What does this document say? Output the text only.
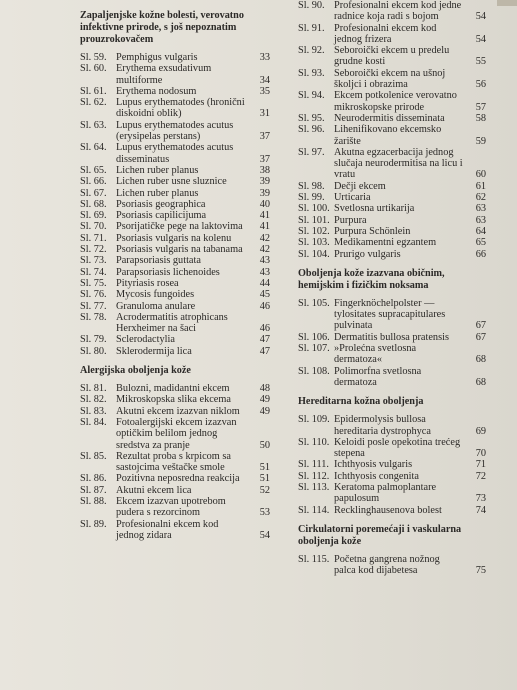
Zapaljenjske kožne bolesti, verovatno infektivne prirode, s još nepoznatim prouzrokovačem
Sl. 59. Pemphigus vulgaris	33
Sl. 60. Erythema exsudativum multiforme	34
Sl. 61. Erythema nodosum	35
Sl. 62. Lupus erythematodes (hronični diskoidni oblik)	31
Sl. 63. Lupus erythematodes acutus (erysipelas perstans)	37
Sl. 64. Lupus erythematodes acutus disseminatus	37
Sl. 65. Lichen ruber planus	38
Sl. 66. Lichen ruber usne sluznice	39
Sl. 67. Lichen ruber planus	39
Sl. 68. Psoriasis geographica	40
Sl. 69. Psoriasis capilicijuma	41
Sl. 70. Psorijatičke pege na laktovima	41
Sl. 71. Psoriasis vulgaris na kolenu	42
Sl. 72. Psoriasis vulgaris na tabanama	42
Sl. 73. Parapsoriasis guttata	43
Sl. 74. Parapsoriasis lichenoides	43
Sl. 75. Pityriasis rosea	44
Sl. 76. Mycosis fungoides	45
Sl. 77. Granuloma anulare	46
Sl. 78. Acrodermatitis atrophicans Herxheimer na šaci	46
Sl. 79. Sclerodactylia	47
Sl. 80. Sklerodermija lica	47
Alergijska oboljenja kože
Sl. 81. Bulozni, madidantni ekcem	48
Sl. 82. Mikroskopska slika ekcema	49
Sl. 83. Akutni ekcem izazvan niklom	49
Sl. 84. Fotoalergijski ekcem izazvan optičkim belilom jednog sredstva za pranje	50
Sl. 85. Rezultat proba s krpicom sa sastojcima veštačke smole	51
Sl. 86. Pozitivna neposredna reakcija	51
Sl. 87. Akutni ekcem lica	52
Sl. 88. Ekcem izazvan upotrebom pudera s rezorcinom	53
Sl. 89. Profesionalni ekcem kod jednog zidara	54
Sl. 90. Profesionalni ekcem kod jedne radnice koja radi s bojom	54
Sl. 91. Profesionalni ekcem kod jednog frizera	54
Sl. 92. Seboroički ekcem u predelu grudne kosti	55
Sl. 93. Seboroički ekcem na ušnoj školjci i obrazima	56
Sl. 94. Ekcem potkolenice verovatno mikroskopske prirode	57
Sl. 95. Neurodermitis disseminata	58
Sl. 96. Lihenifikovano ekcemsko žarište	59
Sl. 97. Akutna egzacerbacija jednog slučaja neurodermitisa na licu i vratu	60
Sl. 98. Dečji ekcem	61
Sl. 99. Urticaria	62
Sl. 100. Svetlosna urtikarija	63
Sl. 101. Purpura	63
Sl. 102. Purpura Schönlein	64
Sl. 103. Medikamentni egzantem	65
Sl. 104. Prurigo vulgaris	66
Oboljenja kože izazvana običnim, hemijskim i fizičkim noksama
Sl. 105. Fingerknöchelpolster — tylositates supracapitulares pulvinata	67
Sl. 106. Dermatitis bullosa pratensis	67
Sl. 107. »Prolećna svetlosna dermatoza«	68
Sl. 108. Polimorfna svetlosna dermatoza	68
Hereditarna kožna oboljenja
Sl. 109. Epidermolysis bullosa hereditaria dystrophyca	69
Sl. 110. Keloidi posle opekotina trećeg stepena	70
Sl. 111. Ichthyosis vulgaris	71
Sl. 112. Ichthyosis congenita	72
Sl. 113. Keratoma palmoplantare papulosum	73
Sl. 114. Recklinghausenova bolest	74
Cirkulatorni poremećaji i vaskularna oboljenja kože
Sl. 115. Početna gangrena nožnog palca kod dijabetesa	75
